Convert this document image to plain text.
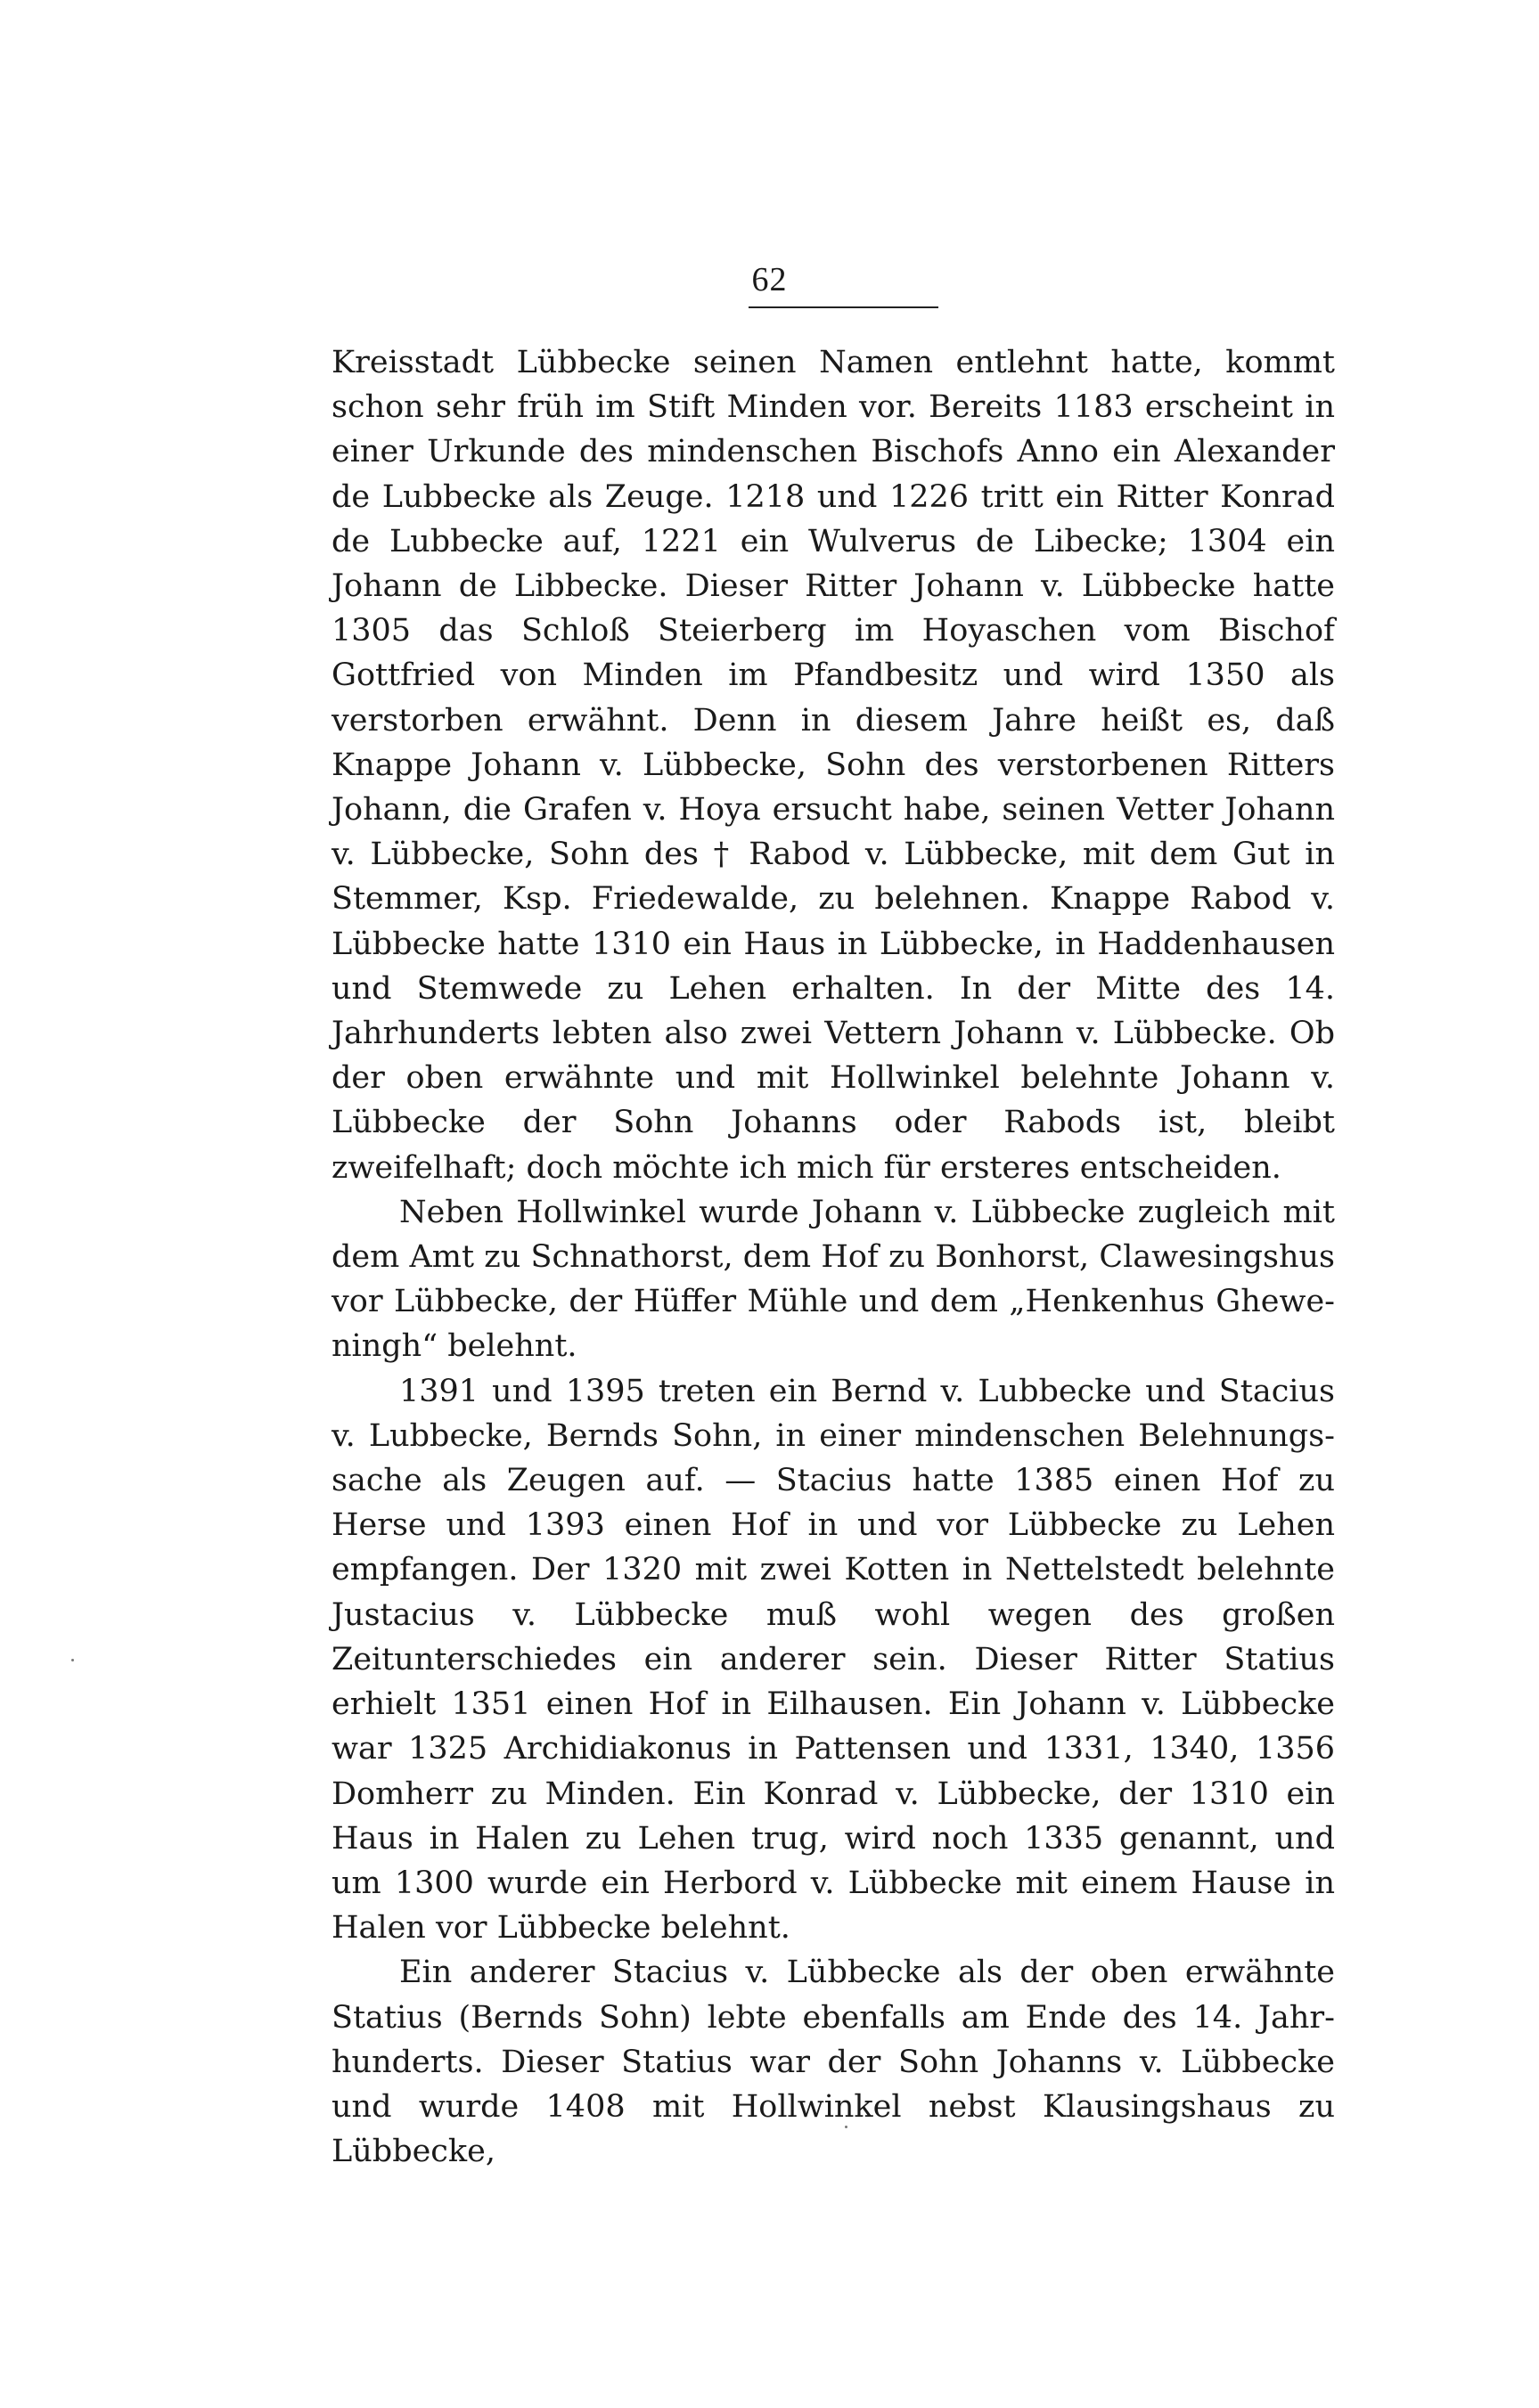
62

Kreisstadt Lübbecke seinen Namen entlehnt hatte, kommt schon sehr früh im Stift Minden vor. Bereits 1183 erscheint in einer Urkunde des mindenschen Bischofs Anno ein Alexander de Lubbecke als Zeuge. 1218 und 1226 tritt ein Ritter Konrad de Lubbecke auf, 1221 ein Wulverus de Libecke; 1304 ein Johann de Libbecke. Dieser Ritter Johann v. Lübbecke hatte 1305 das Schloß Steierberg im Hoyaschen vom Bischof Gottfried von Minden im Pfandbesitz und wird 1350 als verstorben erwähnt. Denn in diesem Jahre heißt es, daß Knappe Johann v. Lübbecke, Sohn des verstorbenen Ritters Johann, die Grafen v. Hoya ersucht habe, seinen Vetter Johann v. Lübbecke, Sohn des † Rabod v. Lübbecke, mit dem Gut in Stemmer, Ksp. Friedewalde, zu belehnen. Knappe Rabod v. Lübbecke hatte 1310 ein Haus in Lübbecke, in Haddenhausen und Stemwede zu Lehen erhalten. In der Mitte des 14. Jahrhunderts lebten also zwei Vettern Johann v. Lübbecke. Ob der oben erwähnte und mit Hollwinkel belehnte Johann v. Lübbecke der Sohn Johanns oder Rabods ist, bleibt zweifelhaft; doch möchte ich mich für ersteres entscheiden.

Neben Hollwinkel wurde Johann v. Lübbecke zugleich mit dem Amt zu Schnathorst, dem Hof zu Bonhorst, Clawesingshus vor Lübbecke, der Hüffer Mühle und dem „Henkenhus Gheweningh“ belehnt.

1391 und 1395 treten ein Bernd v. Lubbecke und Stacius v. Lubbecke, Bernds Sohn, in einer mindenschen Belehnungssache als Zeugen auf. — Stacius hatte 1385 einen Hof zu Herse und 1393 einen Hof in und vor Lübbecke zu Lehen empfangen. Der 1320 mit zwei Kotten in Nettelstedt belehnte Justacius v. Lübbecke muß wohl wegen des großen Zeitunterschiedes ein anderer sein. Dieser Ritter Statius erhielt 1351 einen Hof in Eilhausen. Ein Johann v. Lübbecke war 1325 Archidiakonus in Pattensen und 1331, 1340, 1356 Domherr zu Minden. Ein Konrad v. Lübbecke, der 1310 ein Haus in Halen zu Lehen trug, wird noch 1335 genannt, und um 1300 wurde ein Herbord v. Lübbecke mit einem Hause in Halen vor Lübbecke belehnt.

Ein anderer Stacius v. Lübbecke als der oben erwähnte Statius (Bernds Sohn) lebte ebenfalls am Ende des 14. Jahrhunderts. Dieser Statius war der Sohn Johanns v. Lübbecke und wurde 1408 mit Hollwinkel nebst Klausingshaus zu Lübbecke,
